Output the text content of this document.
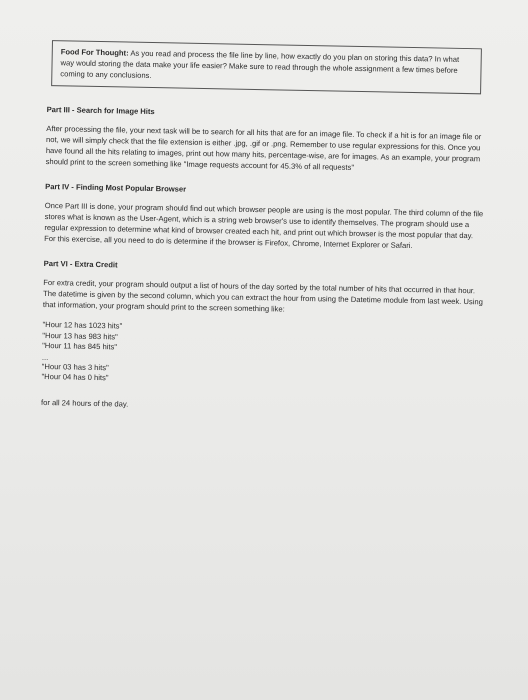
Food For Thought: As you read and process the file line by line, how exactly do you plan on storing this data? In what way would storing the data make your life easier? Make sure to read through the whole assignment a few times before coming to any conclusions.
Part III - Search for Image Hits

After processing the file, your next task will be to search for all hits that are for an image file. To check if a hit is for an image file or not, we will simply check that the file extension is either .jpg, .gif or .png. Remember to use regular expressions for this. Once you have found all the hits relating to images, print out how many hits, percentage-wise, are for images. As an example, your program should print to the screen something like "Image requests account for 45.3% of all requests"

Part IV - Finding Most Popular Browser

Once Part III is done, your program should find out which browser people are using is the most popular. The third column of the file stores what is known as the User-Agent, which is a string web browser's use to identify themselves. The program should use a regular expression to determine what kind of browser created each hit, and print out which browser is the most popular that day. For this exercise, all you need to do is determine if the browser is Firefox, Chrome, Internet Explorer or Safari.

Part VI - Extra Credit

For extra credit, your program should output a list of hours of the day sorted by the total number of hits that occurred in that hour. The datetime is given by the second column, which you can extract the hour from using the Datetime module from last week. Using that information, your program should print to the screen something like:

"Hour 12 has 1023 hits"

"Hour 13 has 983 hits"

"Hour 11 has 845 hits"

...

"Hour 03 has 3 hits"

"Hour 04 has 0 hits"

for all 24 hours of the day.
